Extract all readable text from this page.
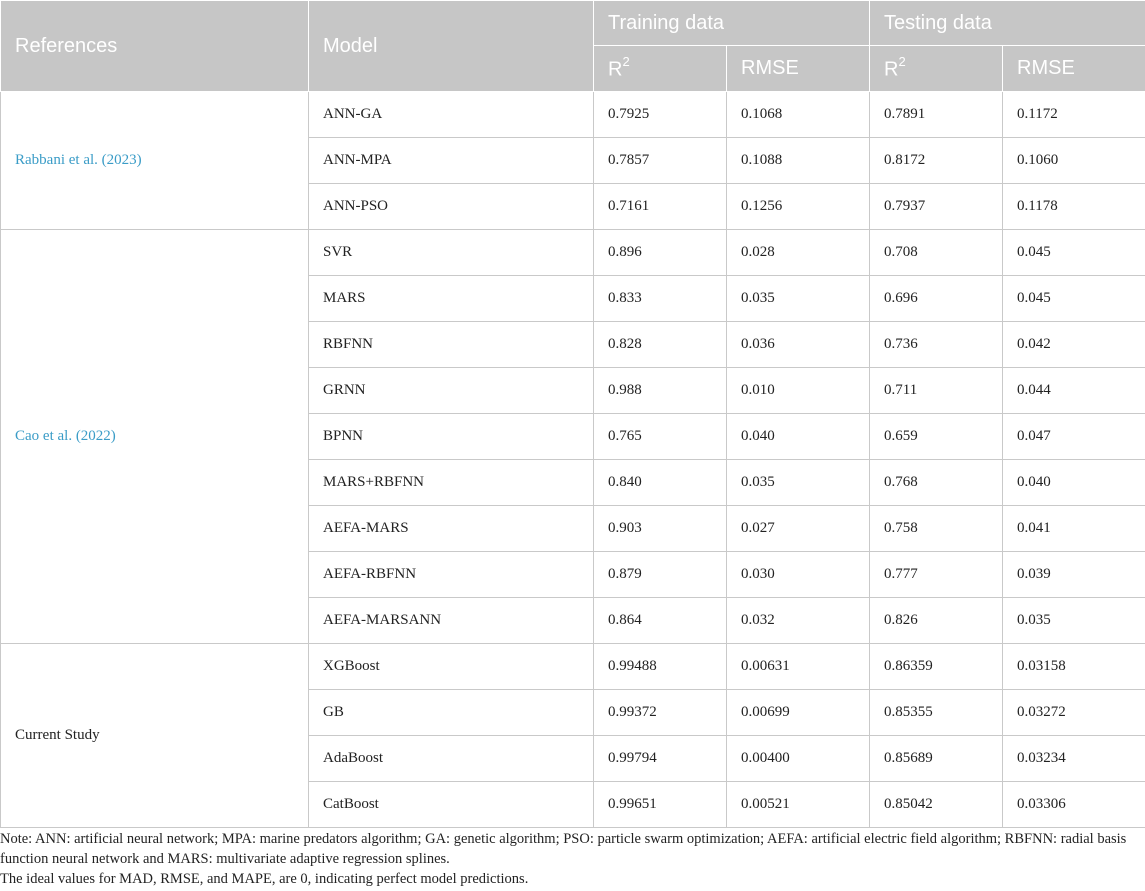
References	Model	Training data		Testing data	
		$R^2$	RMSE	$R^2$	RMSE
Rabbani et al. (2023)	ANN-GA	0.7925	0.1068	0.7891	0.1172
	ANN-MPA	0.7857	0.1088	0.8172	0.1060
	ANN-PSO	0.7161	0.1256	0.7937	0.1178
Cao et al. (2022)	SVR	0.896	0.028	0.708	0.045
	MARS	0.833	0.035	0.696	0.045
	RBFNN	0.828	0.036	0.736	0.042
	GRNN	0.988	0.010	0.711	0.044
	BPNN	0.765	0.040	0.659	0.047
	MARS+RBFNN	0.840	0.035	0.768	0.040
	AEFA-MARS	0.903	0.027	0.758	0.041
	AEFA-RBFNN	0.879	0.030	0.777	0.039
	AEFA-MARSANN	0.864	0.032	0.826	0.035
Current Study	XGBoost	0.99488	0.00631	0.86359	0.03158
	GB	0.99372	0.00699	0.85355	0.03272
	AdaBoost	0.99794	0.00400	0.85689	0.03234
	CatBoost	0.99651	0.00521	0.85042	0.03306

Note: ANN: artificial neural network; MPA: marine predators algorithm; GA: genetic algorithm; PSO: particle swarm optimization; AEFA: artificial electric field algorithm; RBFNN: radial basis function neural network and MARS: multivariate adaptive regression splines.

The ideal values for MAD, RMSE, and MAPE, are 0, indicating perfect model predictions.
